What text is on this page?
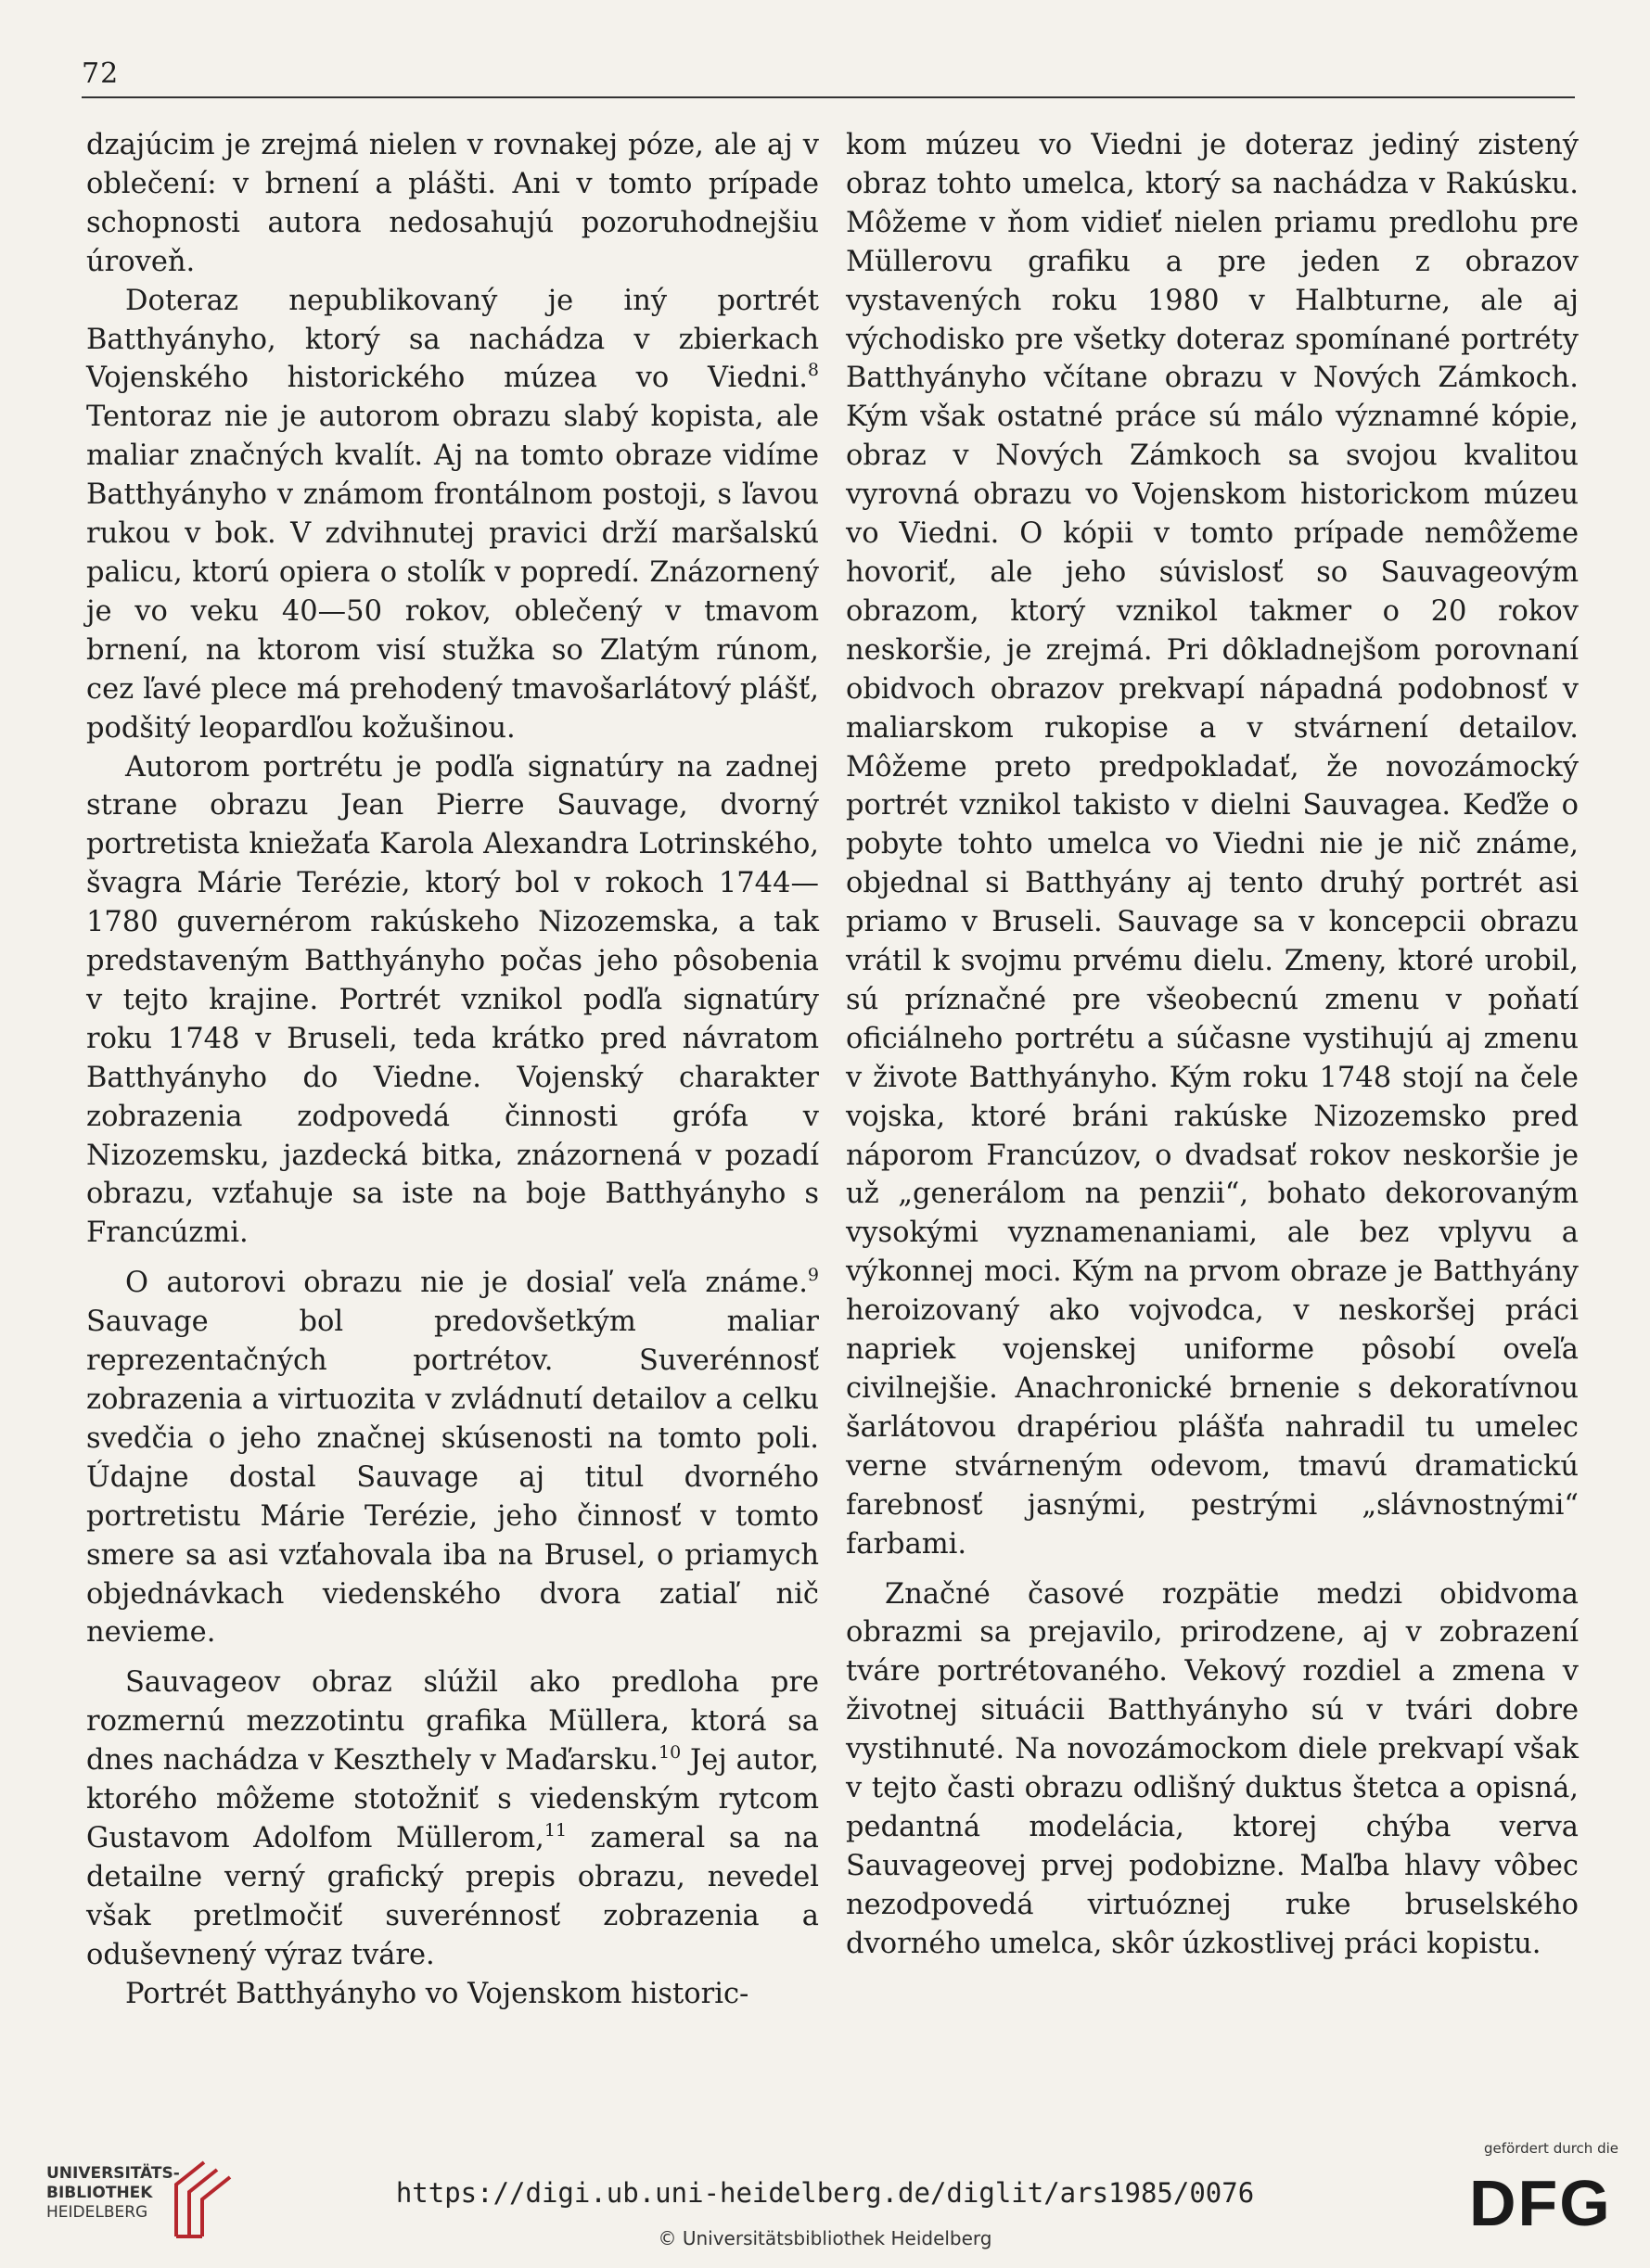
72

dzajúcim je zrejmá nielen v rovnakej póze, ale aj v oblečení: v brnení a plášti. Ani v tomto prípade schopnosti autora nedosahujú pozoruhodnejšiu úroveň.

Doteraz nepublikovaný je iný portrét Batthyányho, ktorý sa nachádza v zbierkach Vojenského historického múzea vo Viedni.$^8$ Tentoraz nie je autorom obrazu slabý kopista, ale maliar značných kvalít. Aj na tomto obraze vidíme Batthyányho v známom frontálnom postoji, s ľavou rukou v bok. V zdvihnutej pravici drží maršalskú palicu, ktorú opiera o stolík v popredí. Znázornený je vo veku 40—50 rokov, oblečený v tmavom brnení, na ktorom visí stužka so Zlatým rúnom, cez ľavé plece má prehodený tmavošarlátový plášť, podšitý leopardľou kožušinou.

Autorom portrétu je podľa signatúry na zadnej strane obrazu Jean Pierre Sauvage, dvorný portretista kniežaťa Karola Alexandra Lotrinského, švagra Márie Terézie, ktorý bol v rokoch 1744—1780 guvernérom rakúskeho Nizozemska, a tak predstaveným Batthyányho počas jeho pôsobenia v tejto krajine. Portrét vznikol podľa signatúry roku 1748 v Bruseli, teda krátko pred návratom Batthyányho do Viedne. Vojenský charakter zobrazenia zodpovedá činnosti grófa v Nizozemsku, jazdecká bitka, znázornená v pozadí obrazu, vzťahuje sa iste na boje Batthyányho s Francúzmi.

O autorovi obrazu nie je dosiaľ veľa známe.$^9$ Sauvage bol predovšetkým maliar reprezentačných portrétov. Suverénnosť zobrazenia a virtuozita v zvládnutí detailov a celku svedčia o jeho značnej skúsenosti na tomto poli. Údajne dostal Sauvage aj titul dvorného portretistu Márie Terézie, jeho činnosť v tomto smere sa asi vzťahovala iba na Brusel, o priamych objednávkach viedenského dvora zatiaľ nič nevieme.

Sauvageov obraz slúžil ako predloha pre rozmernú mezzotintu grafika Müllera, ktorá sa dnes nachádza v Keszthely v Maďarsku.$^{10}$ Jej autor, ktorého môžeme stotožniť s viedenským rytcom Gustavom Adolfom Müllerom,$^{11}$ zameral sa na detailne verný grafický prepis obrazu, nevedel však pretlmočiť suverénnosť zobrazenia a oduševnený výraz tváre.

Portrét Batthyányho vo Vojenskom historic-

kom múzeu vo Viedni je doteraz jediný zistený obraz tohto umelca, ktorý sa nachádza v Rakúsku. Môžeme v ňom vidieť nielen priamu predlohu pre Müllerovu grafiku a pre jeden z obrazov vystavených roku 1980 v Halbturne, ale aj východisko pre všetky doteraz spomínané portréty Batthyányho včítane obrazu v Nových Zámkoch. Kým však ostatné práce sú málo významné kópie, obraz v Nových Zámkoch sa svojou kvalitou vyrovná obrazu vo Vojenskom historickom múzeu vo Viedni. O kópii v tomto prípade nemôžeme hovoriť, ale jeho súvislosť so Sauvageovým obrazom, ktorý vznikol takmer o 20 rokov neskoršie, je zrejmá. Pri dôkladnejšom porovnaní obidvoch obrazov prekvapí nápadná podobnosť v maliarskom rukopise a v stvárnení detailov. Môžeme preto predpokladať, že novozámocký portrét vznikol takisto v dielni Sauvagea. Keďže o pobyte tohto umelca vo Viedni nie je nič známe, objednal si Batthyány aj tento druhý portrét asi priamo v Bruseli. Sauvage sa v koncepcii obrazu vrátil k svojmu prvému dielu. Zmeny, ktoré urobil, sú príznačné pre všeobecnú zmenu v poňatí oficiálneho portrétu a súčasne vystihujú aj zmenu v živote Batthyányho. Kým roku 1748 stojí na čele vojska, ktoré bráni rakúske Nizozemsko pred náporom Francúzov, o dvadsať rokov neskoršie je už „generálom na penzii“, bohato dekorovaným vysokými vyznamenaniami, ale bez vplyvu a výkonnej moci. Kým na prvom obraze je Batthyány heroizovaný ako vojvodca, v neskoršej práci napriek vojenskej uniforme pôsobí oveľa civilnejšie. Anachronické brnenie s dekoratívnou šarlátovou drapériou plášťa nahradil tu umelec verne stvárneným odevom, tmavú dramatickú farebnosť jasnými, pestrými „slávnostnými“ farbami.

Značné časové rozpätie medzi obidvoma obrazmi sa prejavilo, prirodzene, aj v zobrazení tváre portrétovaného. Vekový rozdiel a zmena v životnej situácii Batthyányho sú v tvári dobre vystihnuté. Na novozámockom diele prekvapí však v tejto časti obrazu odlišný duktus štetca a opisná, pedantná modelácia, ktorej chýba verva Sauvageovej prvej podobizne. Maľba hlavy vôbec nezodpovedá virtuóznej ruke bruselského dvorného umelca, skôr úzkostlivej práci kopistu.

UNIVERSITÄTS-
BIBLIOTHEK
HEIDELBERG
https://digi.ub.uni-heidelberg.de/diglit/ars1985/0076
© Universitätsbibliothek Heidelberg
gefördert durch die
DFG
